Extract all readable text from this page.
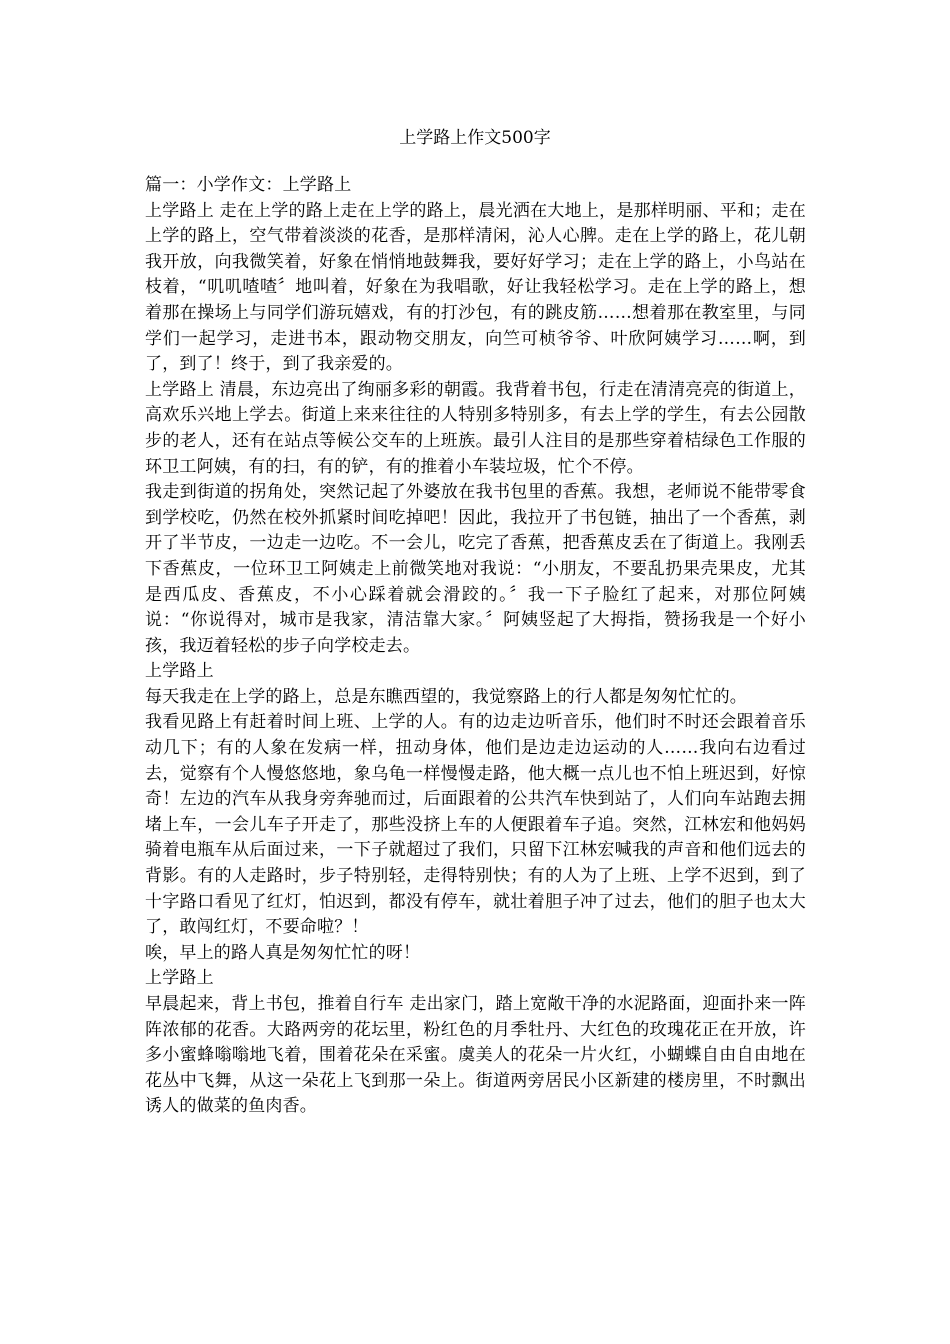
上学路上作文500字

篇一：小学作文：上学路上

上学路上 走在上学的路上走在上学的路上，晨光洒在大地上，是那样明丽、平和；走在上学的路上，空气带着淡淡的花香，是那样清闲，沁人心脾。走在上学的路上，花儿朝我开放，向我微笑着，好象在悄悄地鼓舞我，要好好学习；走在上学的路上，小鸟站在枝着，“叽叽喳喳〞地叫着，好象在为我唱歌，好让我轻松学习。走在上学的路上，想着那在操场上与同学们游玩嬉戏，有的打沙包，有的跳皮筋……想着那在教室里，与同学们一起学习，走进书本，跟动物交朋友，向竺可桢爷爷、叶欣阿姨学习……啊，到了，到了！终于，到了我亲爱的。

上学路上 清晨，东边亮出了绚丽多彩的朝霞。我背着书包，行走在清清亮亮的街道上，高欢乐兴地上学去。街道上来来往往的人特别多特别多，有去上学的学生，有去公园散步的老人，还有在站点等候公交车的上班族。最引人注目的是那些穿着桔绿色工作服的环卫工阿姨，有的扫，有的铲，有的推着小车装垃圾，忙个不停。

我走到街道的拐角处，突然记起了外婆放在我书包里的香蕉。我想，老师说不能带零食到学校吃，仍然在校外抓紧时间吃掉吧！因此，我拉开了书包链，抽出了一个香蕉，剥开了半节皮，一边走一边吃。不一会儿，吃完了香蕉，把香蕉皮丢在了街道上。我刚丢下香蕉皮，一位环卫工阿姨走上前微笑地对我说：“小朋友，不要乱扔果壳果皮，尤其是西瓜皮、香蕉皮，不小心踩着就会滑跤的。〞我一下子脸红了起来，对那位阿姨说：“你说得对，城市是我家，清洁靠大家。〞阿姨竖起了大拇指，赞扬我是一个好小孩，我迈着轻松的步子向学校走去。

上学路上

每天我走在上学的路上，总是东瞧西望的，我觉察路上的行人都是匆匆忙忙的。

我看见路上有赶着时间上班、上学的人。有的边走边听音乐，他们时不时还会跟着音乐动几下；有的人象在发病一样，扭动身体，他们是边走边运动的人……我向右边看过去，觉察有个人慢悠悠地，象乌龟一样慢慢走路，他大概一点儿也不怕上班迟到，好惊奇！左边的汽车从我身旁奔驰而过，后面跟着的公共汽车快到站了，人们向车站跑去拥堵上车，一会儿车子开走了，那些没挤上车的人便跟着车子追。突然，江林宏和他妈妈骑着电瓶车从后面过来，一下子就超过了我们，只留下江林宏喊我的声音和他们远去的背影。有的人走路时，步子特别轻，走得特别快；有的人为了上班、上学不迟到，到了十字路口看见了红灯，怕迟到，都没有停车，就壮着胆子冲了过去，他们的胆子也太大了，敢闯红灯，不要命啦？！

唉，早上的路人真是匆匆忙忙的呀！

上学路上

早晨起来，背上书包，推着自行车 走出家门，踏上宽敞干净的水泥路面，迎面扑来一阵阵浓郁的花香。大路两旁的花坛里，粉红色的月季牡丹、大红色的玫瑰花正在开放，许多小蜜蜂嗡嗡地飞着，围着花朵在采蜜。虞美人的花朵一片火红，小蝴蝶自由自由地在花丛中飞舞，从这一朵花上飞到那一朵上。街道两旁居民小区新建的楼房里，不时飘出诱人的做菜的鱼肉香。
